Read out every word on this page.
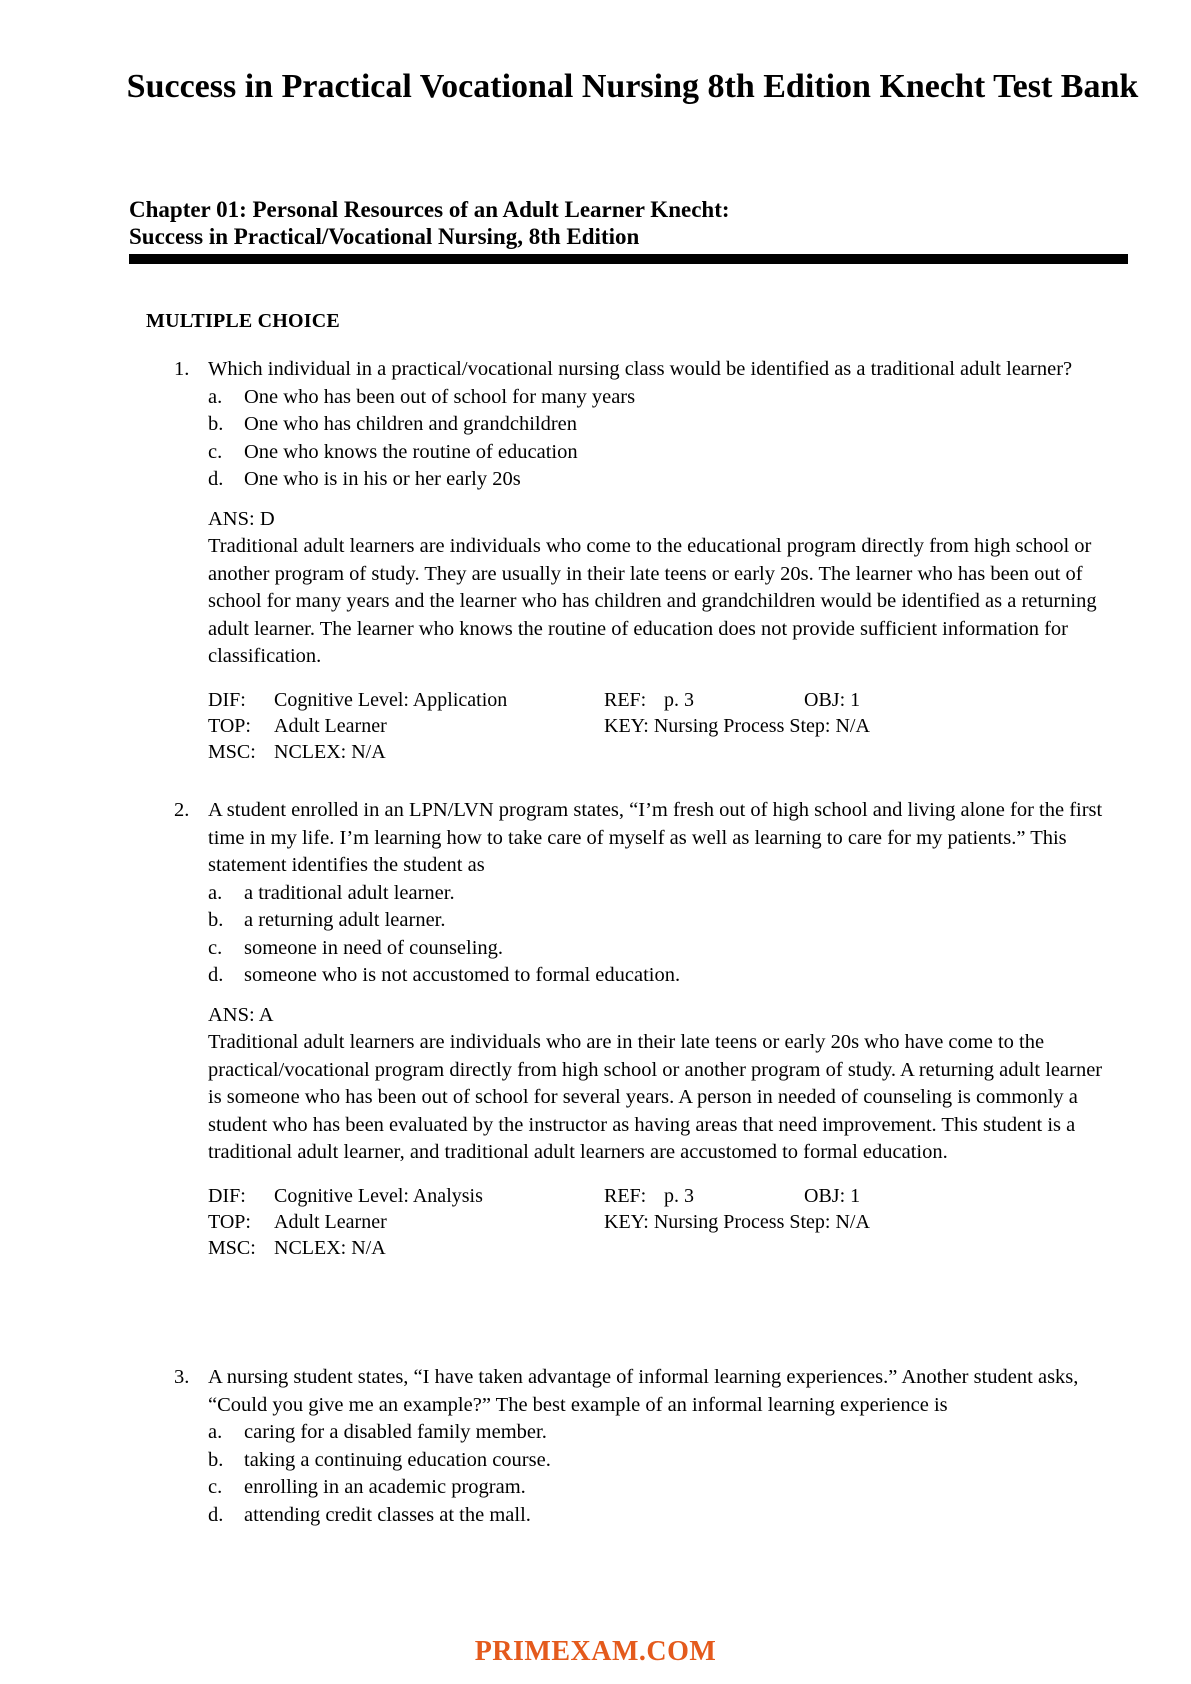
Success in Practical Vocational Nursing 8th Edition Knecht Test Bank
Chapter 01: Personal Resources of an Adult Learner Knecht:
Success in Practical/Vocational Nursing, 8th Edition
MULTIPLE CHOICE
1. Which individual in a practical/vocational nursing class would be identified as a traditional adult learner?
a.	One who has been out of school for many years
b.	One who has children and grandchildren
c.	One who knows the routine of education
d.	One who is in his or her early 20s
ANS: D
Traditional adult learners are individuals who come to the educational program directly from high school or another program of study. They are usually in their late teens or early 20s. The learner who has been out of school for many years and the learner who has children and grandchildren would be identified as a returning adult learner. The learner who knows the routine of education does not provide sufficient information for classification.
DIF:	Cognitive Level: Application	REF: p. 3	OBJ: 1
TOP:	Adult Learner	KEY: Nursing Process Step: N/A
MSC: NCLEX: N/A
2. A student enrolled in an LPN/LVN program states, “I’m fresh out of high school and living alone for the first time in my life. I’m learning how to take care of myself as well as learning to care for my patients.” This statement identifies the student as
a.	a traditional adult learner.
b.	a returning adult learner.
c.	someone in need of counseling.
d.	someone who is not accustomed to formal education.
ANS: A
Traditional adult learners are individuals who are in their late teens or early 20s who have come to the practical/vocational program directly from high school or another program of study. A returning adult learner is someone who has been out of school for several years. A person in needed of counseling is commonly a student who has been evaluated by the instructor as having areas that need improvement. This student is a traditional adult learner, and traditional adult learners are accustomed to formal education.
DIF:	Cognitive Level: Analysis	REF: p. 3	OBJ: 1
TOP:	Adult Learner	KEY: Nursing Process Step: N/A
MSC: NCLEX: N/A
3. A nursing student states, “I have taken advantage of informal learning experiences.” Another student asks, “Could you give me an example?” The best example of an informal learning experience is
a.	caring for a disabled family member.
b.	taking a continuing education course.
c.	enrolling in an academic program.
d.	attending credit classes at the mall.
PRIMEXAM.COM
